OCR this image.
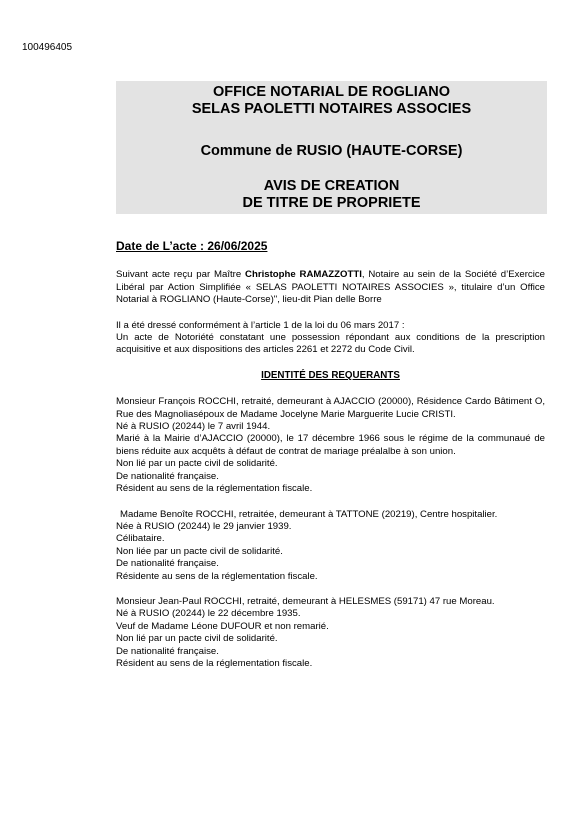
100496405
OFFICE NOTARIAL DE ROGLIANO
SELAS PAOLETTI NOTAIRES ASSOCIES
Commune de RUSIO (HAUTE-CORSE)
AVIS DE CREATION
DE TITRE DE PROPRIETE
Date de L’acte : 26/06/2025

Suivant acte reçu par Maître Christophe RAMAZZOTTI, Notaire au sein de la Société d’Exercice Libéral par Action Simplifiée « SELAS PAOLETTI NOTAIRES ASSOCIES », titulaire d’un Office Notarial à ROGLIANO (Haute-Corse)", lieu-dit Pian delle Borre

Il a été dressé conformément à l’article 1 de la loi du 06 mars 2017 :

Un acte de Notoriété constatant une possession répondant aux conditions de la prescription acquisitive et aux dispositions des articles 2261 et 2272 du Code Civil.

IDENTITÉ DES REQUERANTS

Monsieur François ROCCHI, retraité, demeurant à AJACCIO (20000), Résidence Cardo Bâtiment O, Rue des Magnoliasépoux de Madame Jocelyne Marie Marguerite Lucie CRISTI.

Né à RUSIO (20244) le 7 avril 1944.

Marié à la Mairie d’AJACCIO (20000), le 17 décembre 1966 sous le régime de la communaué de biens réduite aux acquêts à défaut de contrat de mariage préalalbe à son union.

Non lié par un pacte civil de solidarité.

De nationalité française.

Résident au sens de la réglementation fiscale.

Madame Benoîte ROCCHI, retraitée, demeurant à TATTONE (20219), Centre hospitalier.

Née à RUSIO (20244) le 29 janvier 1939.

Célibataire.

Non liée par un pacte civil de solidarité.

De nationalité française.

Résidente au sens de la réglementation fiscale.

Monsieur Jean-Paul ROCCHI, retraité, demeurant à HELESMES (59171) 47 rue Moreau.

Né à RUSIO (20244) le 22 décembre 1935.

Veuf de Madame Léone DUFOUR et non remarié.

Non lié par un pacte civil de solidarité.

De nationalité française.

Résident au sens de la réglementation fiscale.
